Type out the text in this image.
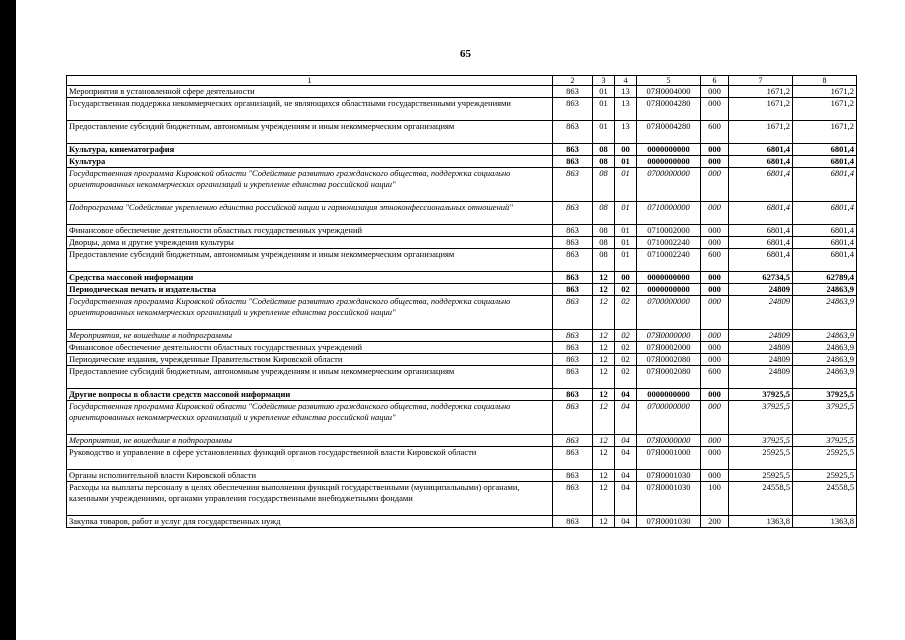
65
1	2	3	4	5	6	7	8
Мероприятия в установленной сфере деятельности	863	01	13	07Я0004000	000	1671,2	1671,2
Государственная поддержка некоммерческих организаций, не являющихся областными государственными учреждениями	863	01	13	07Я0004280	000	1671,2	1671,2
Предоставление субсидий бюджетным, автономным учреждениям и иным некоммерческим организациям	863	01	13	07Я0004280	600	1671,2	1671,2
Культура, кинематография	863	08	00	0000000000	000	6801,4	6801,4
Культура	863	08	01	0000000000	000	6801,4	6801,4
Государственная программа Кировской области "Содействие развитию гражданского общества, поддержка социально ориентированных некоммерческих организаций и укрепление единства российской нации"	863	08	01	0700000000	000	6801,4	6801,4
Подпрограмма "Содействие укреплению единства российской нации и гармонизация этноконфессиональных отношений"	863	08	01	0710000000	000	6801,4	6801,4
Финансовое обеспечение деятельности областных государственных учреждений	863	08	01	0710002000	000	6801,4	6801,4
Дворцы, дома и другие учреждения культуры	863	08	01	0710002240	000	6801,4	6801,4
Предоставление субсидий бюджетным, автономным учреждениям и иным некоммерческим организациям	863	08	01	0710002240	600	6801,4	6801,4
Средства массовой информации	863	12	00	0000000000	000	62734,5	62789,4
Периодическая печать и издательства	863	12	02	0000000000	000	24809	24863,9
Государственная программа Кировской области "Содействие развитию гражданского общества, поддержка социально ориентированных некоммерческих организаций и укрепление единства российской нации"	863	12	02	0700000000	000	24809	24863,9
Мероприятия, не вошедшие в подпрограммы	863	12	02	07Я0000000	000	24809	24863,9
Финансовое обеспечение деятельности областных государственных учреждений	863	12	02	07Я0002000	000	24809	24863,9
Периодические издания, учрежденные Правительством Кировской области	863	12	02	07Я0002080	000	24809	24863,9
Предоставление субсидий бюджетным, автономным учреждениям и иным некоммерческим организациям	863	12	02	07Я0002080	600	24809	24863,9
Другие вопросы в области средств массовой информации	863	12	04	0000000000	000	37925,5	37925,5
Государственная программа Кировской области "Содействие развитию гражданского общества, поддержка социально ориентированных некоммерческих организаций и укрепление единства российской нации"	863	12	04	0700000000	000	37925,5	37925,5
Мероприятия, не вошедшие в подпрограммы	863	12	04	07Я0000000	000	37925,5	37925,5
Руководство и управление в сфере установленных функций органов государственной власти Кировской области	863	12	04	07Я0001000	000	25925,5	25925,5
Органы исполнительной власти Кировской области	863	12	04	07Я0001030	000	25925,5	25925,5
Расходы на выплаты персоналу в целях обеспечения выполнения функций государственными (муниципальными) органами, казенными учреждениями, органами управления государственными внебюджетными фондами	863	12	04	07Я0001030	100	24558,5	24558,5
Закупка товаров, работ и услуг для государственных нужд	863	12	04	07Я0001030	200	1363,8	1363,8
